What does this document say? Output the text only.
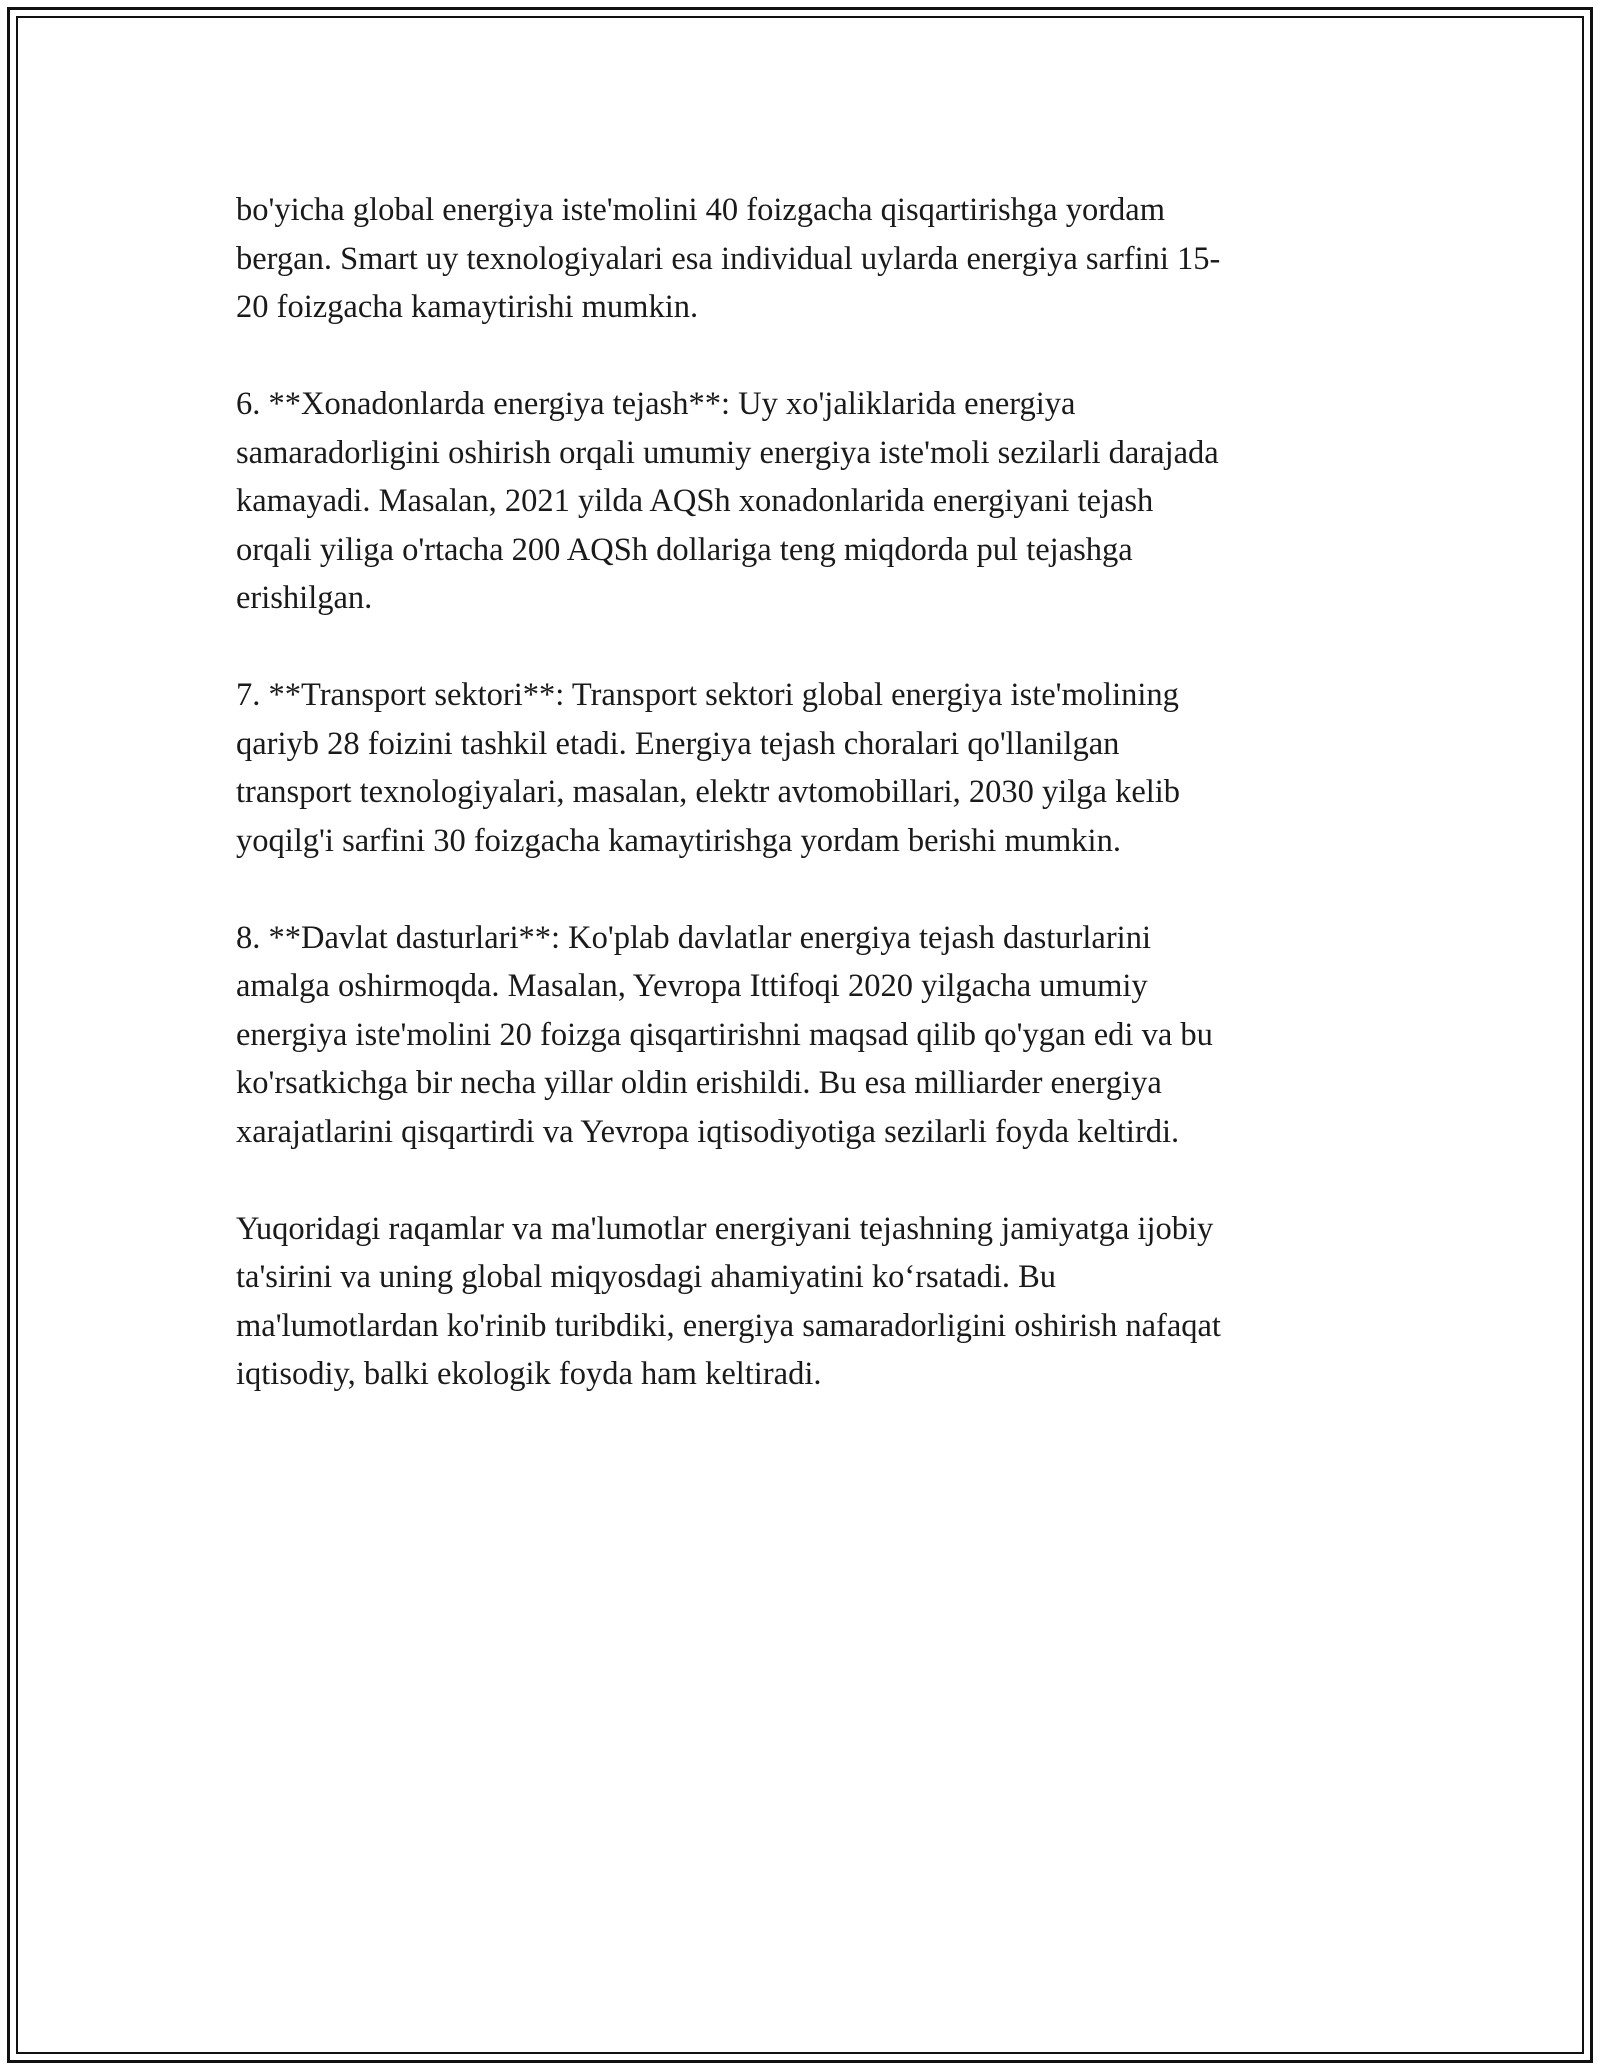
bo'yicha global energiya iste'molini 40 foizgacha qisqartirishga yordam
bergan. Smart uy texnologiyalari esa individual uylarda energiya sarfini 15-
20 foizgacha kamaytirishi mumkin.

6. **Xonadonlarda energiya tejash**: Uy xo'jaliklarida energiya
samaradorligini oshirish orqali umumiy energiya iste'moli sezilarli darajada
kamayadi. Masalan, 2021 yilda AQSh xonadonlarida energiyani tejash
orqali yiliga o'rtacha 200 AQSh dollariga teng miqdorda pul tejashga
erishilgan.

7. **Transport sektori**: Transport sektori global energiya iste'molining
qariyb 28 foizini tashkil etadi. Energiya tejash choralari qo'llanilgan
transport texnologiyalari, masalan, elektr avtomobillari, 2030 yilga kelib
yoqilg'i sarfini 30 foizgacha kamaytirishga yordam berishi mumkin.

8. **Davlat dasturlari**: Ko'plab davlatlar energiya tejash dasturlarini
amalga oshirmoqda. Masalan, Yevropa Ittifoqi 2020 yilgacha umumiy
energiya iste'molini 20 foizga qisqartirishni maqsad qilib qo'ygan edi va bu
ko'rsatkichga bir necha yillar oldin erishildi. Bu esa milliarder energiya
xarajatlarini qisqartirdi va Yevropa iqtisodiyotiga sezilarli foyda keltirdi.

Yuqoridagi raqamlar va ma'lumotlar energiyani tejashning jamiyatga ijobiy
ta'sirini va uning global miqyosdagi ahamiyatini ko‘rsatadi. Bu
ma'lumotlardan ko'rinib turibdiki, energiya samaradorligini oshirish nafaqat
iqtisodiy, balki ekologik foyda ham keltiradi.
